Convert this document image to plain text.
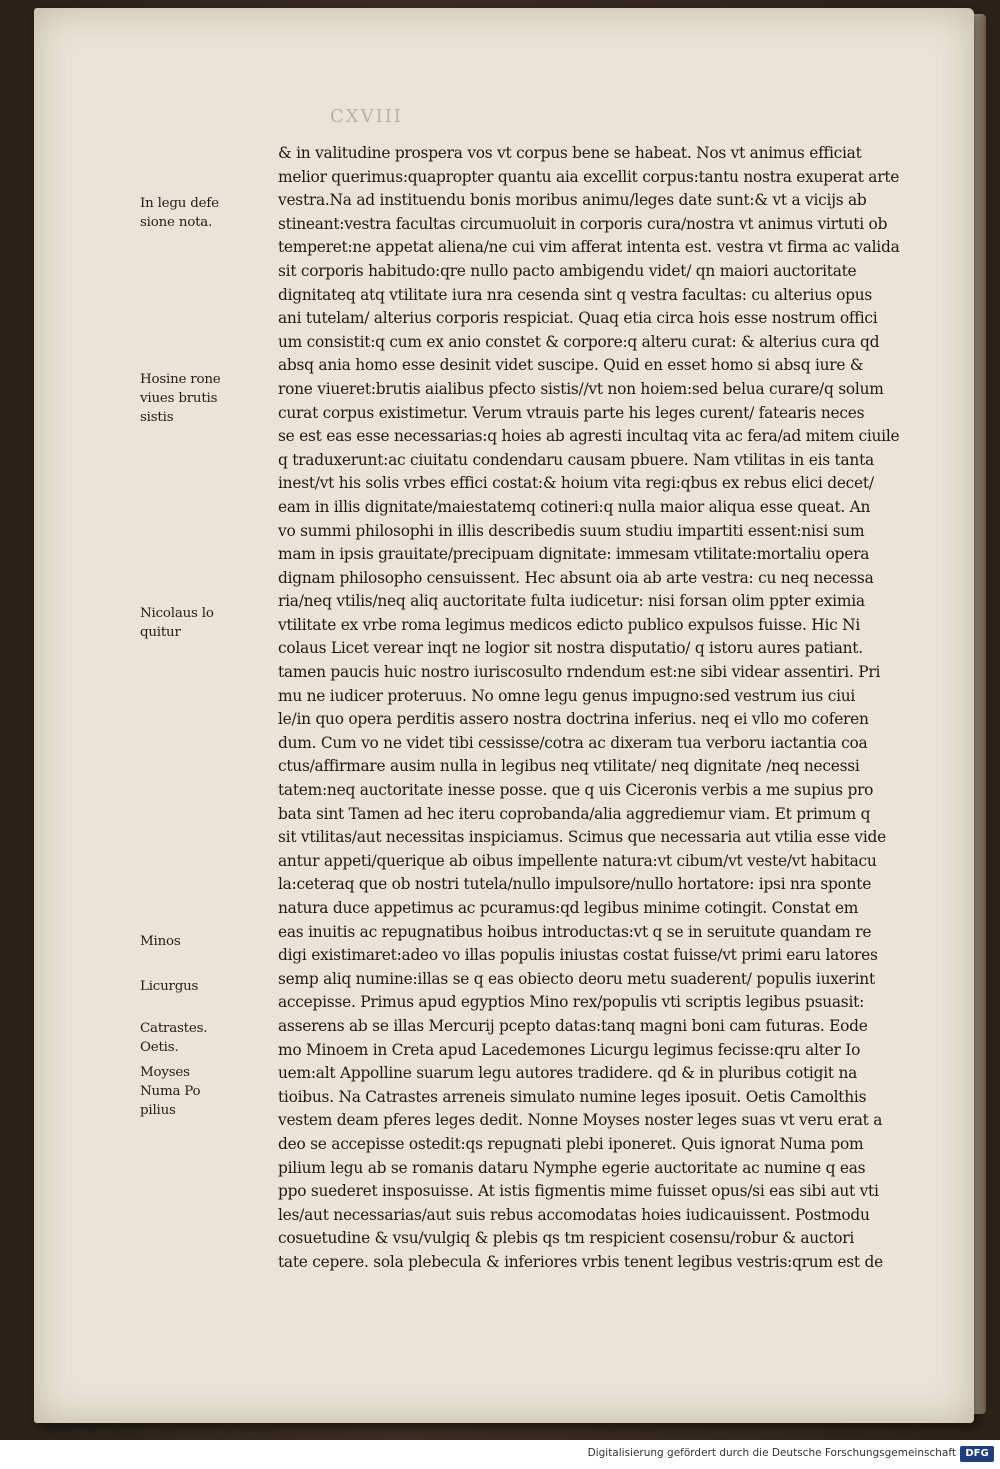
CXVIII
& in valitudine prospera vos vt corpus bene se habeat. Nos vt animus efficiat
melior querimus:quapropter quantu aia excellit corpus:tantu nostra exuperat arte
vestra.Na ad instituendu bonis moribus animu/leges date sunt:& vt a vicijs ab
stineant:vestra facultas circumuoluit in corporis cura/nostra vt animus virtuti ob
temperet:ne appetat aliena/ne cui vim afferat intenta est. vestra vt firma ac valida
sit corporis habitudo:qre nullo pacto ambigendu videt/ qn maiori auctoritate
dignitateq atq vtilitate iura nra cesenda sint q vestra facultas: cu alterius opus
ani tutelam/ alterius corporis respiciat. Quaq etia circa hois esse nostrum offici
um consistit:q cum ex anio constet & corpore:q alteru curat: & alterius cura qd
absq ania homo esse desinit videt suscipe. Quid en esset homo si absq iure &
rone viueret:brutis aialibus pfecto sistis//vt non hoiem:sed belua curare/q solum
curat corpus existimetur. Verum vtrauis parte his leges curent/ fatearis neces
se est eas esse necessarias:q hoies ab agresti incultaq vita ac fera/ad mitem ciuile
q traduxerunt:ac ciuitatu condendaru causam pbuere. Nam vtilitas in eis tanta
inest/vt his solis vrbes effici costat:& hoium vita regi:qbus ex rebus elici decet/
eam in illis dignitate/maiestatemq cotineri:q nulla maior aliqua esse queat. An
vo summi philosophi in illis describedis suum studiu impartiti essent:nisi sum
mam in ipsis grauitate/precipuam dignitate: immesam vtilitate:mortaliu opera
dignam philosopho censuissent. Hec absunt oia ab arte vestra: cu neq necessa
ria/neq vtilis/neq aliq auctoritate fulta iudicetur: nisi forsan olim ppter eximia
vtilitate ex vrbe roma legimus medicos edicto publico expulsos fuisse. Hic Ni
colaus Licet verear inqt ne logior sit nostra disputatio/ q istoru aures patiant.
tamen paucis huic nostro iuriscosulto rndendum est:ne sibi videar assentiri. Pri
mu ne iudicer proteruus. No omne legu genus impugno:sed vestrum ius ciui
le/in quo opera perditis assero nostra doctrina inferius. neq ei vllo mo coferen
dum. Cum vo ne videt tibi cessisse/cotra ac dixeram tua verboru iactantia coa
ctus/affirmare ausim nulla in legibus neq vtilitate/ neq dignitate /neq necessi
tatem:neq auctoritate inesse posse. que q uis Ciceronis verbis a me supius pro
bata sint Tamen ad hec iteru coprobanda/alia aggrediemur viam. Et primum q
sit vtilitas/aut necessitas inspiciamus. Scimus que necessaria aut vtilia esse vide
antur appeti/querique ab oibus impellente natura:vt cibum/vt veste/vt habitacu
la:ceteraq que ob nostri tutela/nullo impulsore/nullo hortatore: ipsi nra sponte
natura duce appetimus ac pcuramus:qd legibus minime cotingit. Constat em
eas inuitis ac repugnatibus hoibus introductas:vt q se in seruitute quandam re
digi existimaret:adeo vo illas populis iniustas costat fuisse/vt primi earu latores
semp aliq numine:illas se q eas obiecto deoru metu suaderent/ populis iuxerint
accepisse. Primus apud egyptios Mino rex/populis vti scriptis legibus psuasit:
asserens ab se illas Mercurij pcepto datas:tanq magni boni cam futuras. Eode
mo Minoem in Creta apud Lacedemones Licurgu legimus fecisse:qru alter Io
uem:alt Appolline suarum legu autores tradidere. qd & in pluribus cotigit na
tioibus. Na Catrastes arreneis simulato numine leges iposuit. Oetis Camolthis
vestem deam pferes leges dedit. Nonne Moyses noster leges suas vt veru erat a
deo se accepisse ostedit:qs repugnati plebi iponeret. Quis ignorat Numa pom
pilium legu ab se romanis dataru Nymphe egerie auctoritate ac numine q eas
ppo suederet insposuisse. At istis figmentis mime fuisset opus/si eas sibi aut vti
les/aut necessarias/aut suis rebus accomodatas hoies iudicauissent. Postmodu
cosuetudine & vsu/vulgiq & plebis qs tm respicient cosensu/robur & auctori
tate cepere. sola plebecula & inferiores vrbis tenent legibus vestris:qrum est de
In legu defe
sione nota.
Hosine rone
viues brutis
sistis
Nicolaus lo
quitur
Minos
Licurgus
Catrastes.
Oetis.
Moyses
Numa Po
pilius
Digitalisierung gefördert durch die Deutsche Forschungsgemeinschaft DFG
